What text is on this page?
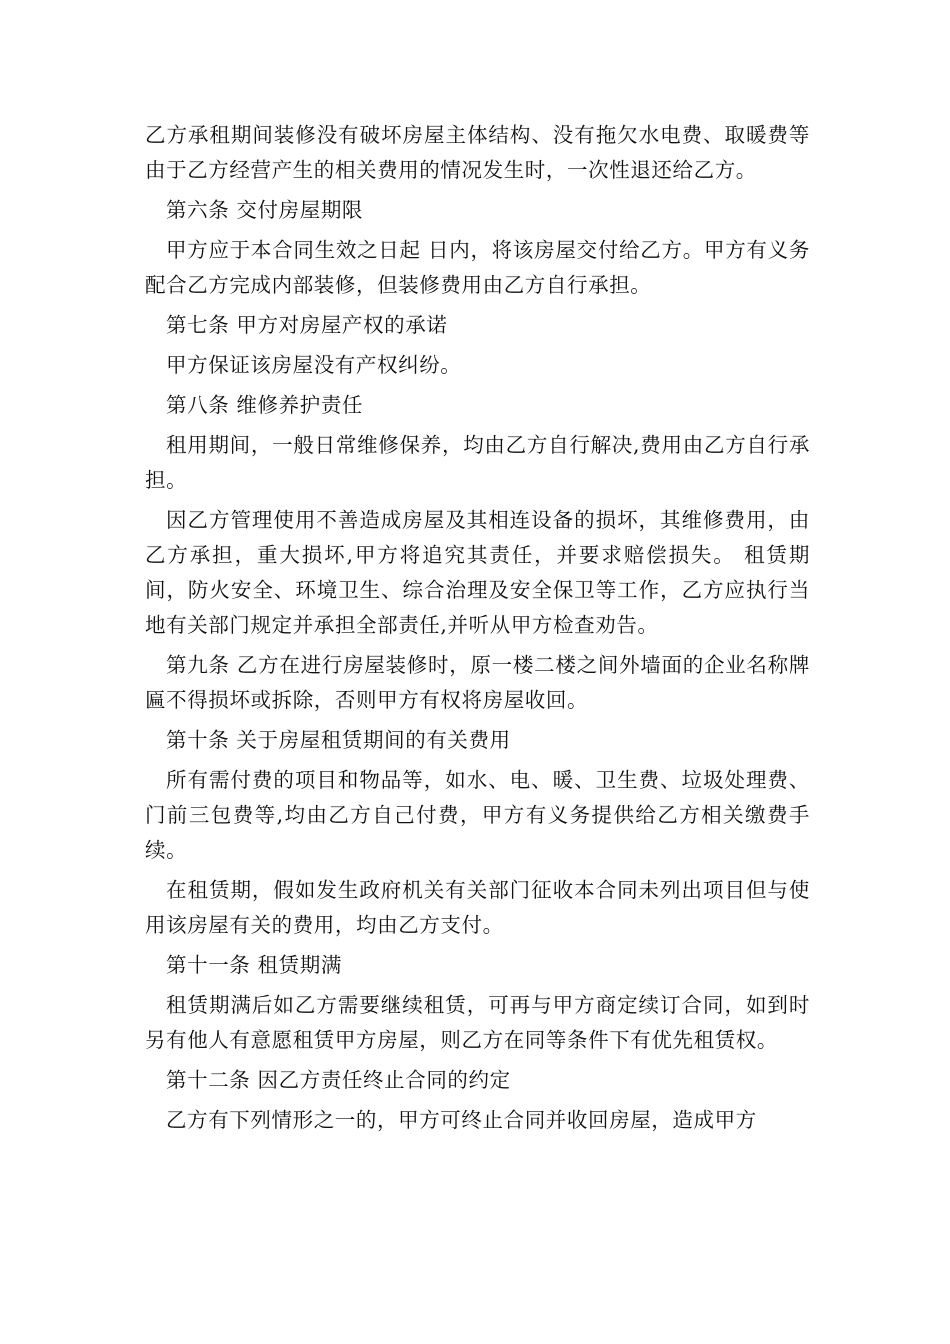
乙方承租期间装修没有破坏房屋主体结构、没有拖欠水电费、取暖费等由于乙方经营产生的相关费用的情况发生时，一次性退还给乙方。

第六条 交付房屋期限

甲方应于本合同生效之日起 日内，将该房屋交付给乙方。甲方有义务配合乙方完成内部装修，但装修费用由乙方自行承担。

第七条 甲方对房屋产权的承诺

甲方保证该房屋没有产权纠纷。

第八条 维修养护责任

租用期间，一般日常维修保养，均由乙方自行解决,费用由乙方自行承担。

因乙方管理使用不善造成房屋及其相连设备的损坏，其维修费用，由乙方承担，重大损坏,甲方将追究其责任，并要求赔偿损失。 租赁期间，防火安全、环境卫生、综合治理及安全保卫等工作，乙方应执行当地有关部门规定并承担全部责任,并听从甲方检查劝告。

第九条 乙方在进行房屋装修时，原一楼二楼之间外墙面的企业名称牌匾不得损坏或拆除，否则甲方有权将房屋收回。

第十条 关于房屋租赁期间的有关费用

所有需付费的项目和物品等，如水、电、暖、卫生费、垃圾处理费、门前三包费等,均由乙方自己付费，甲方有义务提供给乙方相关缴费手续。

在租赁期，假如发生政府机关有关部门征收本合同未列出项目但与使用该房屋有关的费用，均由乙方支付。

第十一条 租赁期满

租赁期满后如乙方需要继续租赁，可再与甲方商定续订合同，如到时另有他人有意愿租赁甲方房屋，则乙方在同等条件下有优先租赁权。

第十二条 因乙方责任终止合同的约定

乙方有下列情形之一的，甲方可终止合同并收回房屋，造成甲方
